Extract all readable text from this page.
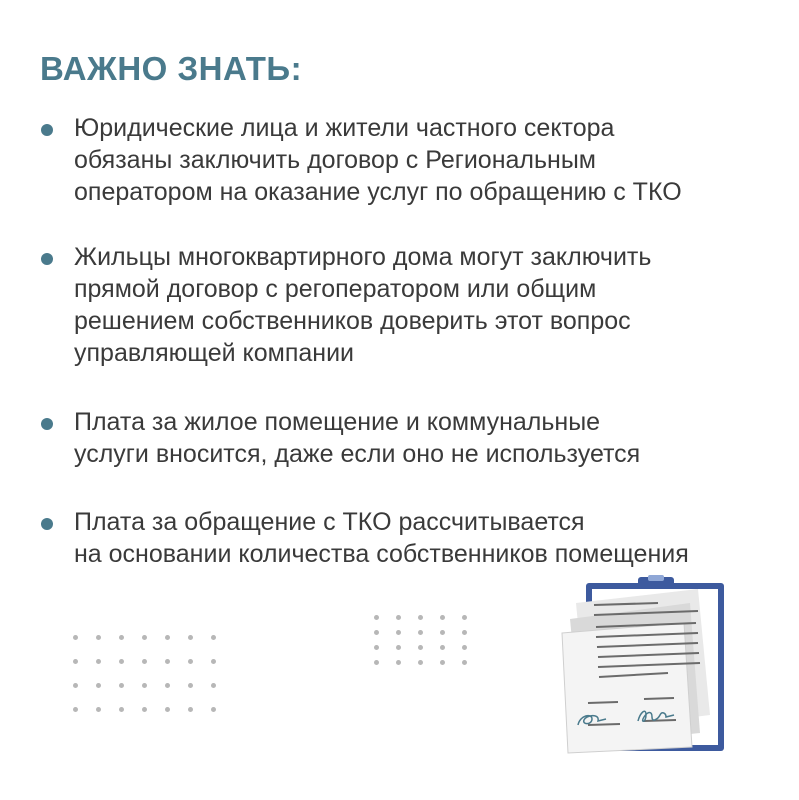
ВАЖНО ЗНАТЬ:
Юридические лица и жители частного сектора
обязаны заключить договор с Региональным
оператором на оказание услуг по обращению с ТКО
Жильцы многоквартирного дома могут заключить
прямой договор с регоператором или общим
решением собственников доверить этот вопрос
управляющей компании
Плата за жилое помещение и коммунальные
услуги вносится, даже если оно не используется
Плата за обращение с ТКО рассчитывается
на основании количества собственников помещения
